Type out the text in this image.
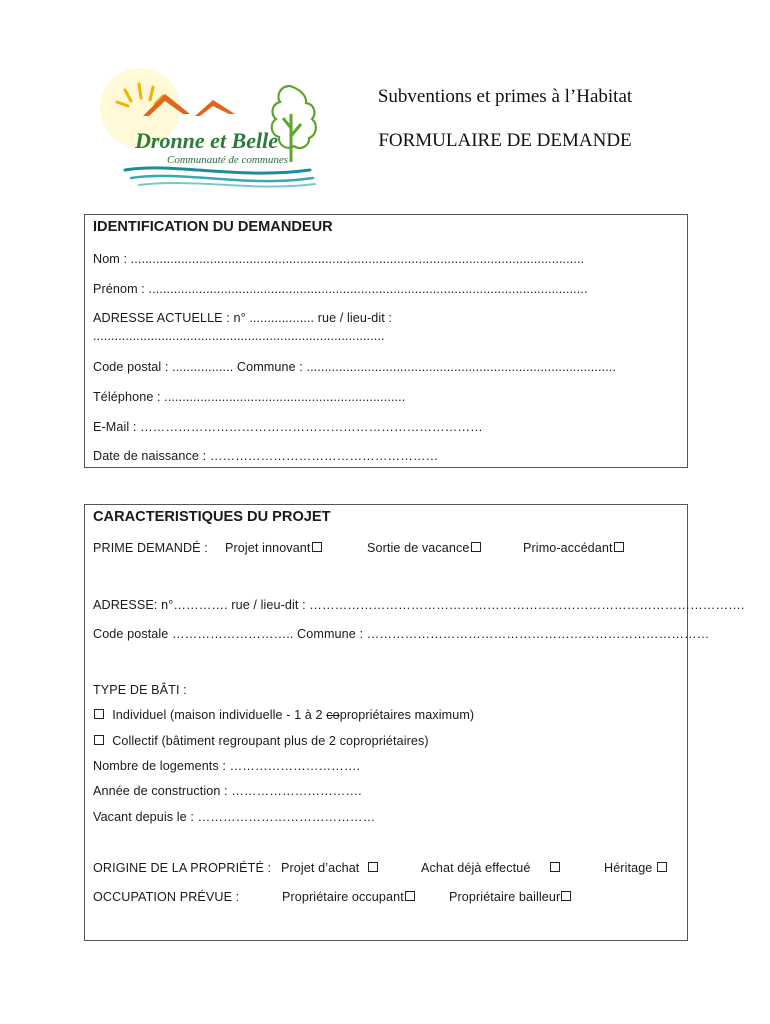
Dronne et Belle
Communauté de communes
Subventions et primes à l’Habitat
FORMULAIRE DE DEMANDE
IDENTIFICATION DU DEMANDEUR
Nom : ..............................................................................................................................
Prénom : ..........................................................................................................................
ADRESSE ACTUELLE : n° .................. rue / lieu-dit :
.................................................................................
Code postal : ................. Commune : ......................................................................................
Téléphone : ...................................................................
E-Mail : ………………………………………………………………………
Date de naissance : ………………………………………………
CARACTERISTIQUES DU PROJET
PRIME DEMANDÉ : Projet innovant	Sortie de vacance	Primo-accédant
ADRESSE: n°…………. rue / lieu-dit : ………………………………………………………………………………………….
Code postale ……………………….. Commune : ………………………………………………………………………
TYPE DE BÂTI :
Individuel (maison individuelle - 1 à 2 copropriétaires maximum)
Collectif (bâtiment regroupant plus de 2 copropriétaires)
Nombre de logements : ………………………….
Année de construction : ………………………….
Vacant depuis le : ……………………………………
ORIGINE DE LA PROPRIÉTÉ : Projet d’achat	Achat déjà effectué	Héritage
OCCUPATION PRÉVUE :	Propriétaire occupant	Propriétaire bailleur
